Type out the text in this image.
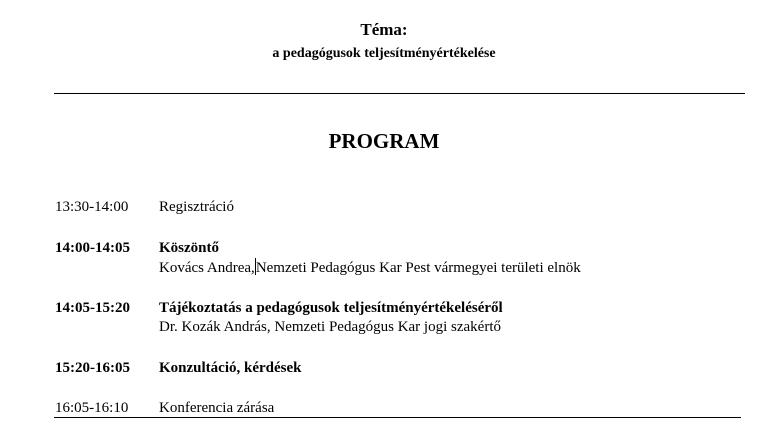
Téma:
a pedagógusok teljesítményértékelése
PROGRAM
13:30-14:00 Regisztráció
14:00-14:05 Köszöntő
Kovács Andrea,Nemzeti Pedagógus Kar Pest vármegyei területi elnök
14:05-15:20 Tájékoztatás a pedagógusok teljesítményértékeléséről
Dr. Kozák András, Nemzeti Pedagógus Kar jogi szakértő
15:20-16:05 Konzultáció, kérdések
16:05-16:10 Konferencia zárása
